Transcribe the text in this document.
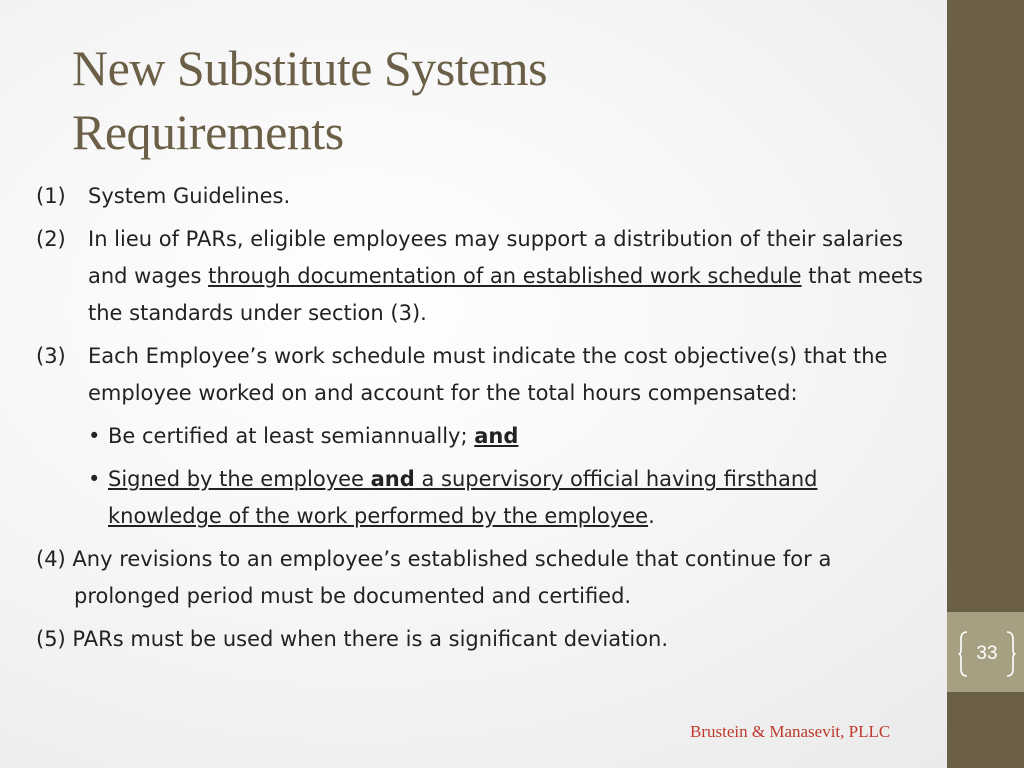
33
New Substitute Systems
Requirements
(1) System Guidelines.
(2) In lieu of PARs, eligible employees may support a distribution of their salaries and wages through documentation of an established work schedule that meets the standards under section (3).
(3) Each Employee’s work schedule must indicate the cost objective(s) that the employee worked on and account for the total hours compensated:
• Be certified at least semiannually; and
• Signed by the employee and a supervisory official having firsthand knowledge of the work performed by the employee.
(4) Any revisions to an employee’s established schedule that continue for a prolonged period must be documented and certified.
(5) PARs must be used when there is a significant deviation.
Brustein & Manasevit, PLLC
